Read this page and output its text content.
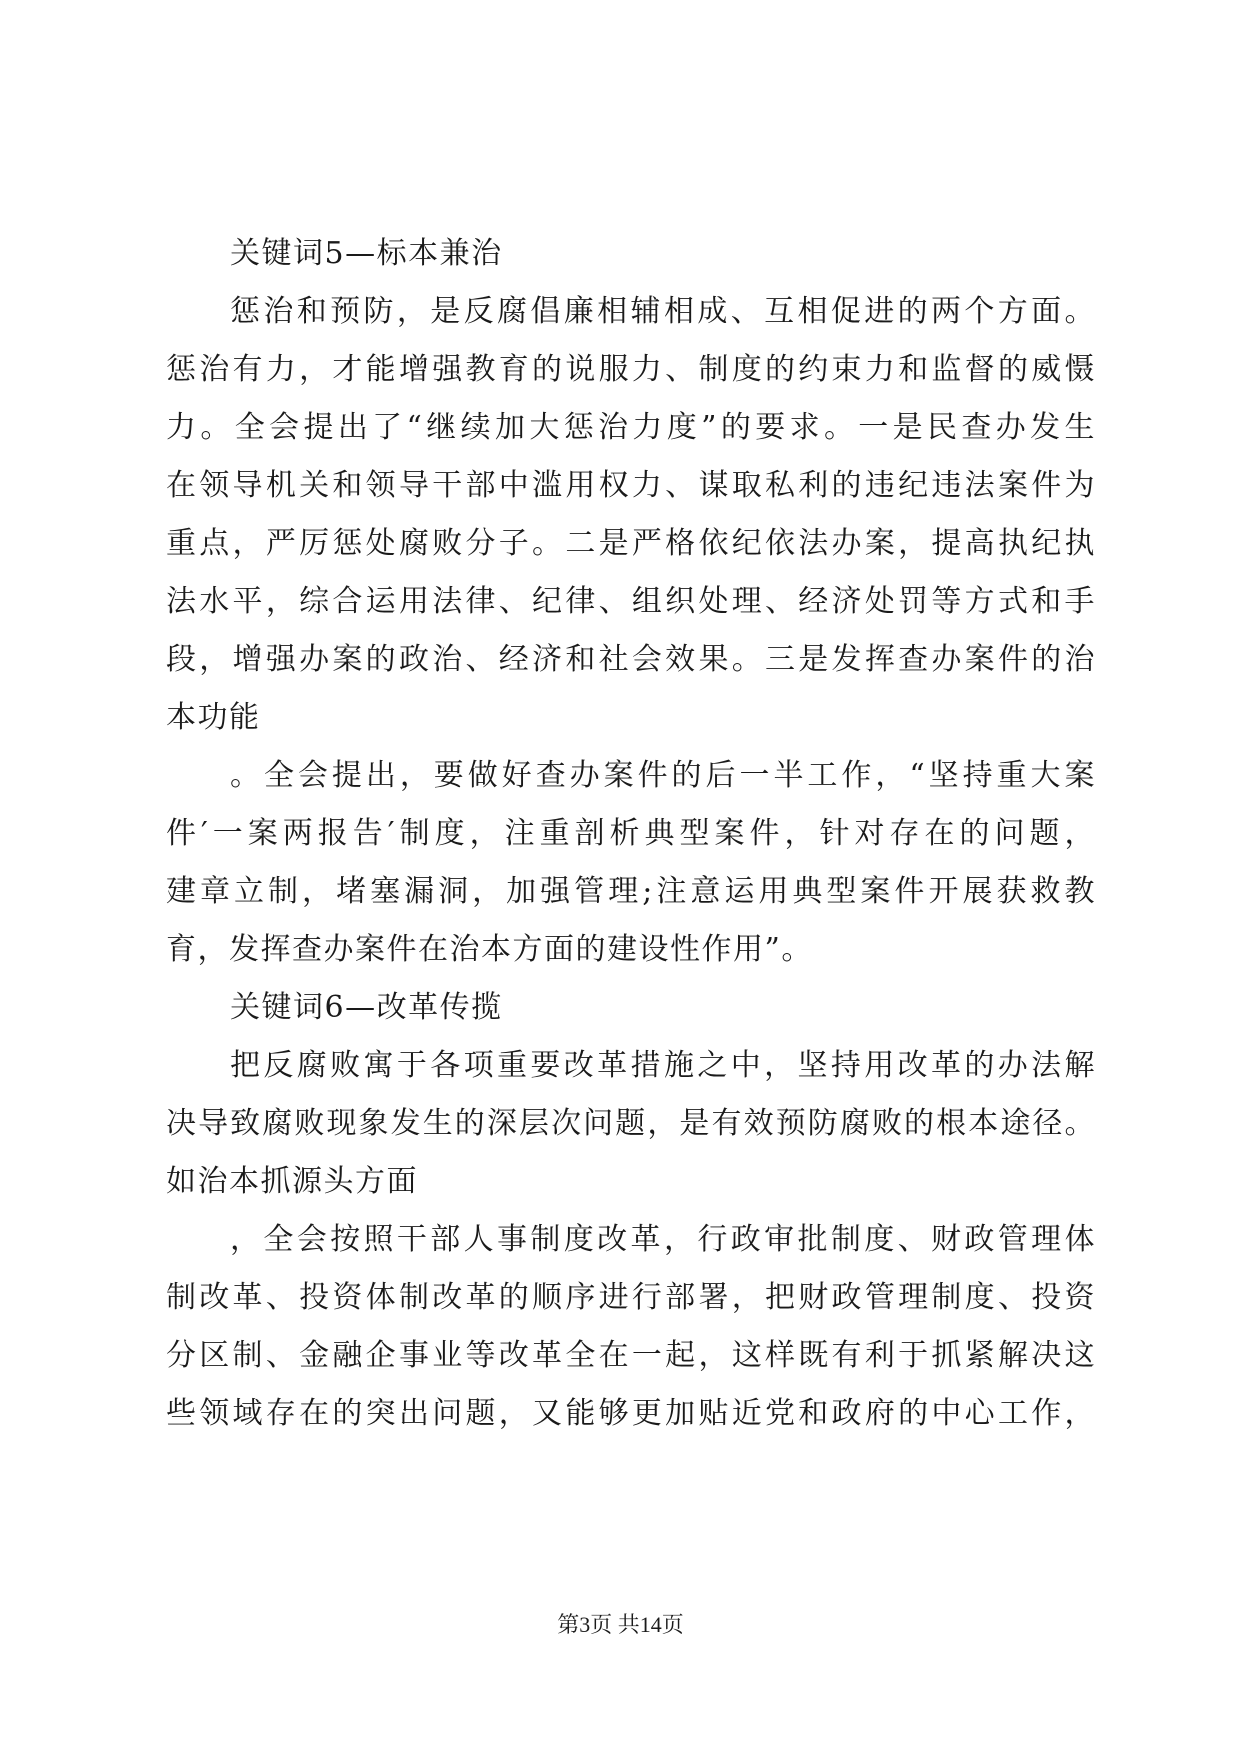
关键词5—标本兼治
惩治和预防，是反腐倡廉相辅相成、互相促进的两个方面。
惩治有力，才能增强教育的说服力、制度的约束力和监督的威慑
力。全会提出了“继续加大惩治力度”的要求。一是民查办发生
在领导机关和领导干部中滥用权力、谋取私利的违纪违法案件为
重点，严厉惩处腐败分子。二是严格依纪依法办案，提高执纪执
法水平，综合运用法律、纪律、组织处理、经济处罚等方式和手
段，增强办案的政治、经济和社会效果。三是发挥查办案件的治
本功能
。全会提出，要做好查办案件的后一半工作，“坚持重大案
件′一案两报告′制度，注重剖析典型案件，针对存在的问题，
建章立制，堵塞漏洞，加强管理;注意运用典型案件开展获救教
育，发挥查办案件在治本方面的建设性作用”。
关键词6—改革传揽
把反腐败寓于各项重要改革措施之中，坚持用改革的办法解
决导致腐败现象发生的深层次问题，是有效预防腐败的根本途径。
如治本抓源头方面
，全会按照干部人事制度改革，行政审批制度、财政管理体
制改革、投资体制改革的顺序进行部署，把财政管理制度、投资
分区制、金融企事业等改革全在一起，这样既有利于抓紧解决这
些领域存在的突出问题，又能够更加贴近党和政府的中心工作，
第3页 共14页
